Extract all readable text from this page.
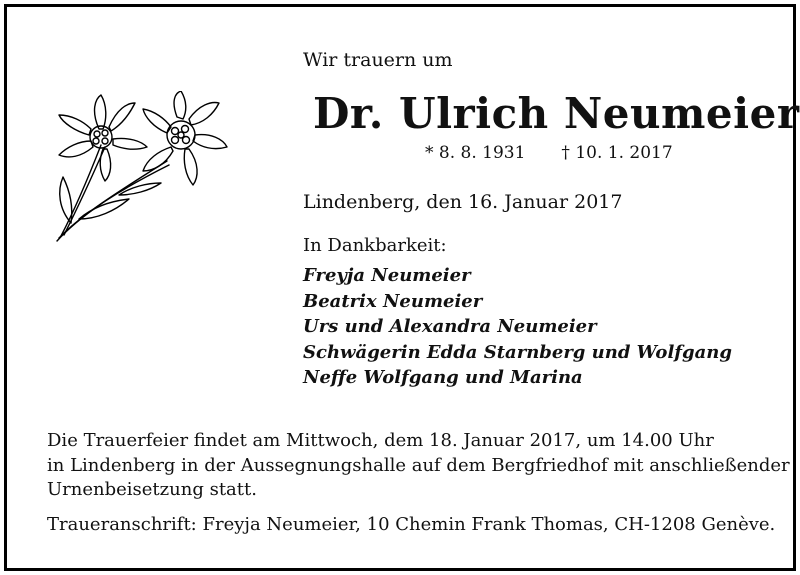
Wir trauern um
Dr. Ulrich Neumeier
* 8. 8. 1931 † 10. 1. 2017
Lindenberg, den 16. Januar 2017
In Dankbarkeit:
Freyja Neumeier
Beatrix Neumeier
Urs und Alexandra Neumeier
Schwägerin Edda Starnberg und Wolfgang
Neffe Wolfgang und Marina
Die Trauerfeier findet am Mittwoch, dem 18. Januar 2017, um 14.00 Uhr
in Lindenberg in der Aussegnungshalle auf dem Bergfriedhof mit anschließender
Urnenbeisetzung statt.
Traueranschrift: Freyja Neumeier, 10 Chemin Frank Thomas, CH-1208 Genève.
